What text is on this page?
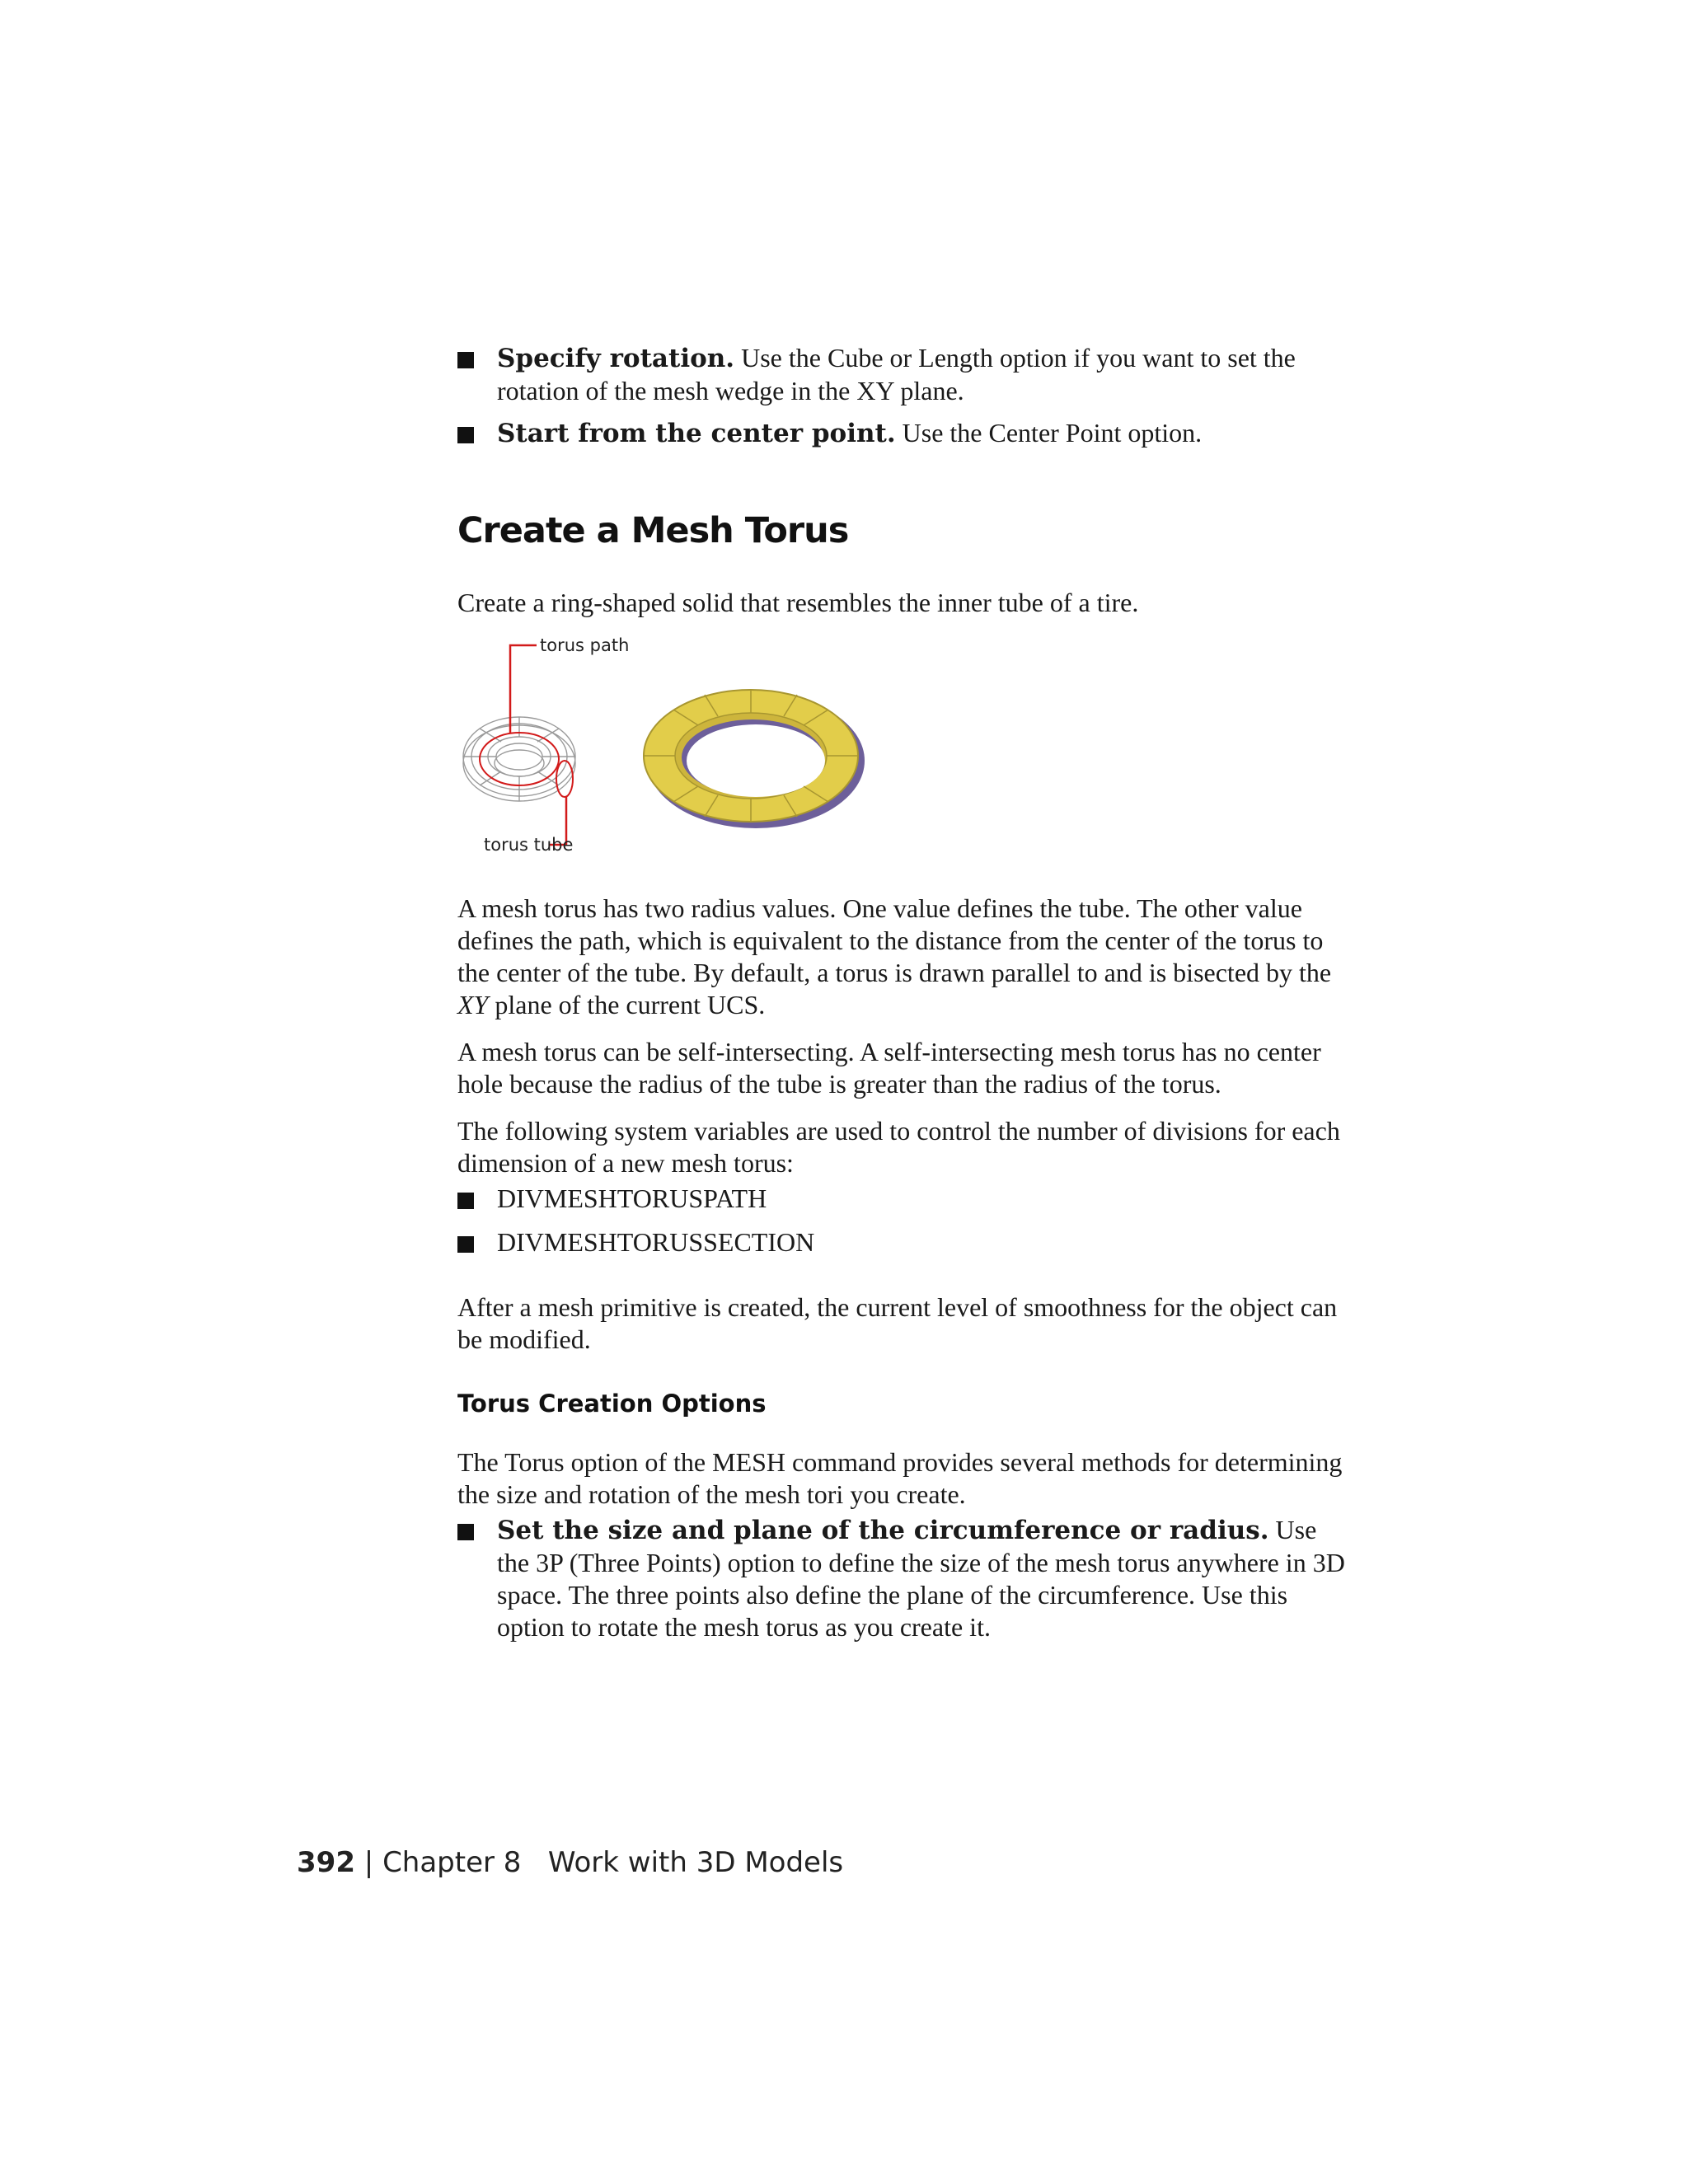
Specify rotation. Use the Cube or Length option if you want to set the rotation of the mesh wedge in the XY plane.
Start from the center point. Use the Center Point option.
Create a Mesh Torus
Create a ring-shaped solid that resembles the inner tube of a tire.
torus path
torus tube
A mesh torus has two radius values. One value defines the tube. The other value defines the path, which is equivalent to the distance from the center of the torus to the center of the tube. By default, a torus is drawn parallel to and is bisected by the XY plane of the current UCS.
A mesh torus can be self-intersecting. A self-intersecting mesh torus has no center hole because the radius of the tube is greater than the radius of the torus.
The following system variables are used to control the number of divisions for each dimension of a new mesh torus:
DIVMESHTORUSPATH
DIVMESHTORUSSECTION
After a mesh primitive is created, the current level of smoothness for the object can be modified.
Torus Creation Options
The Torus option of the MESH command provides several methods for determining the size and rotation of the mesh tori you create.
Set the size and plane of the circumference or radius. Use the 3P (Three Points) option to define the size of the mesh torus anywhere in 3D space. The three points also define the plane of the circumference. Use this option to rotate the mesh torus as you create it.
392 | Chapter 8 Work with 3D Models
